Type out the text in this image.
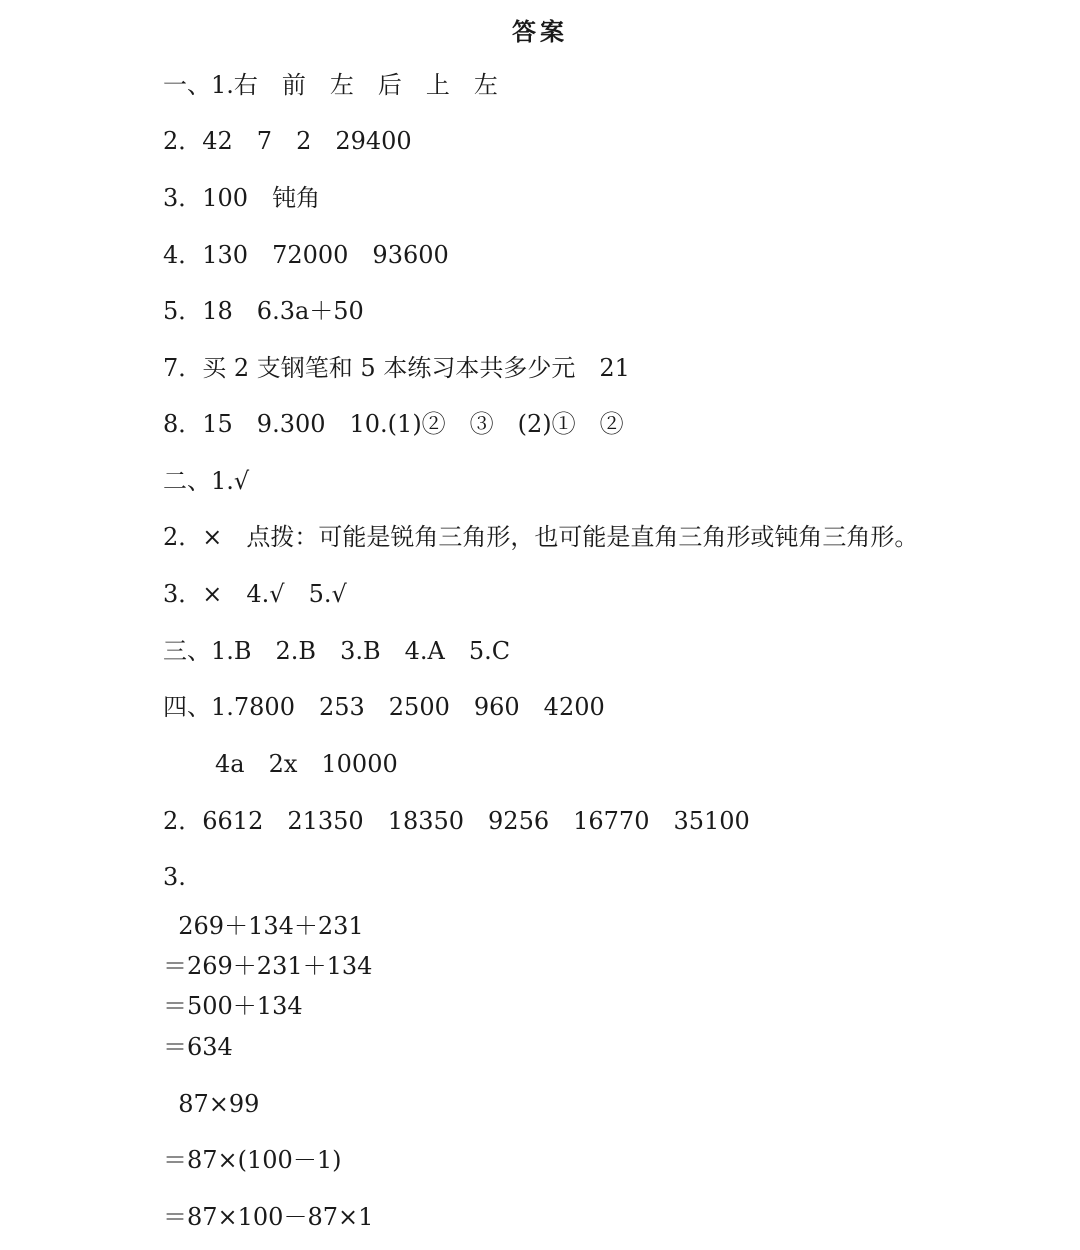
答案
一、1.右　前　左　后　上　左
2．42　7　2　29400
3．100　钝角
4．130　72000　93600
5．18　6.3a＋50
7．买 2 支钢笔和 5 本练习本共多少元　21
8．15　9.300　10.(1)②　③　(2)①　②
二、1.√
2．×　点拨：可能是锐角三角形，也可能是直角三角形或钝角三角形。
3．×　4.√　5.√
三、1.B　2.B　3.B　4.A　5.C
四、1.7800　253　2500　960　4200
4a　2x　10000
2．6612　21350　18350　9256　16770　35100
3.
269＋134＋231
＝269＋231＋134
＝500＋134
＝634
87×99
＝87×(100－1)
＝87×100－87×1
